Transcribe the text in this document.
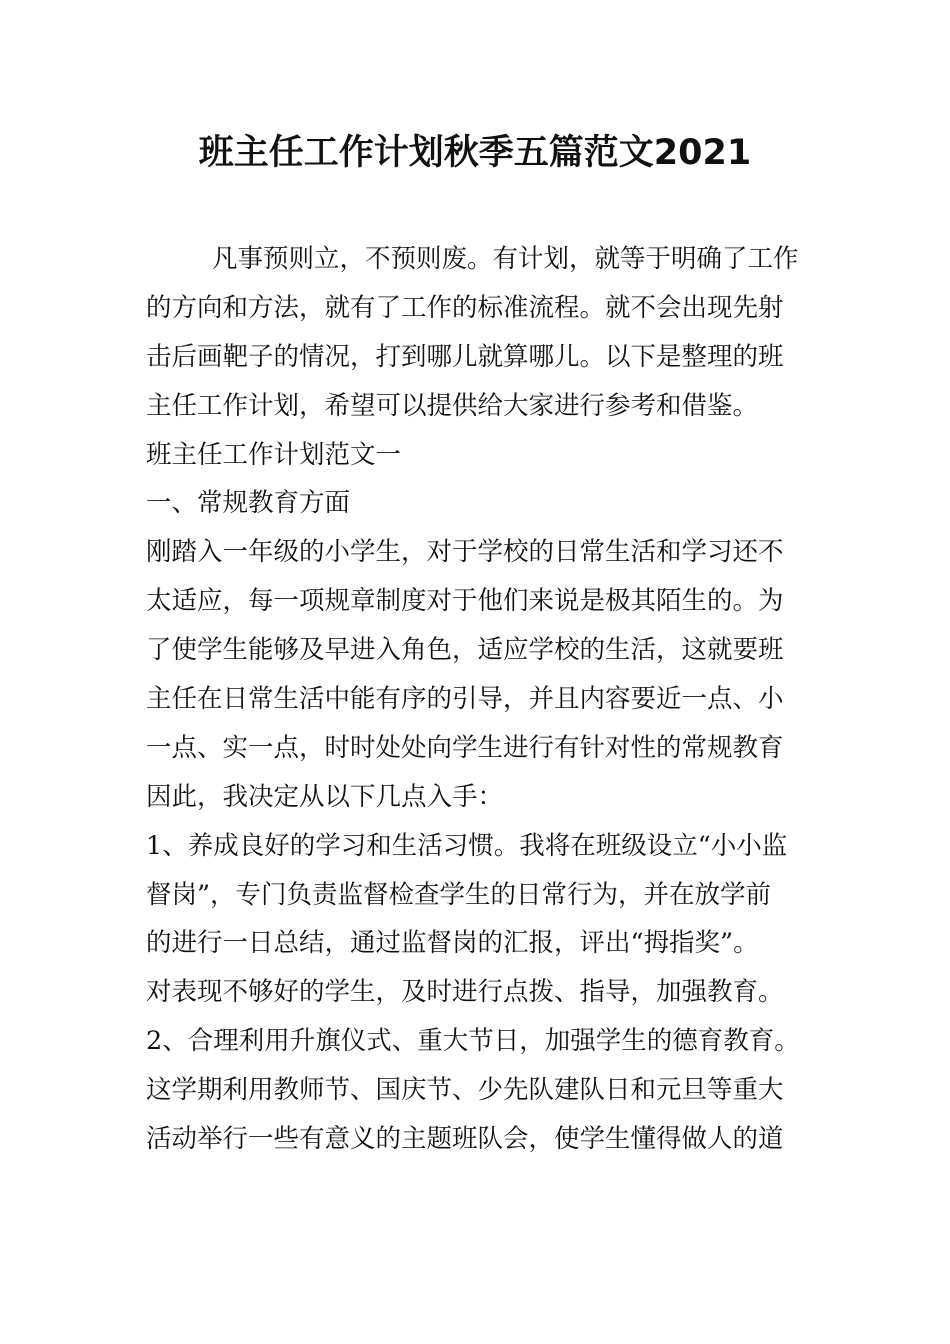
班主任工作计划秋季五篇范文2021
凡事预则立，不预则废。有计划，就等于明确了工作
的方向和方法，就有了工作的标准流程。就不会出现先射
击后画靶子的情况，打到哪儿就算哪儿。以下是整理的班
主任工作计划，希望可以提供给大家进行参考和借鉴。
班主任工作计划范文一
一、常规教育方面
刚踏入一年级的小学生，对于学校的日常生活和学习还不
太适应，每一项规章制度对于他们来说是极其陌生的。为
了使学生能够及早进入角色，适应学校的生活，这就要班
主任在日常生活中能有序的引导，并且内容要近一点、小
一点、实一点，时时处处向学生进行有针对性的常规教育
因此，我决定从以下几点入手：
1、养成良好的学习和生活习惯。我将在班级设立“小小监
督岗”，专门负责监督检查学生的日常行为，并在放学前
的进行一日总结，通过监督岗的汇报，评出“拇指奖”。
对表现不够好的学生，及时进行点拨、指导，加强教育。
2、合理利用升旗仪式、重大节日，加强学生的德育教育。
这学期利用教师节、国庆节、少先队建队日和元旦等重大
活动举行一些有意义的主题班队会，使学生懂得做人的道
